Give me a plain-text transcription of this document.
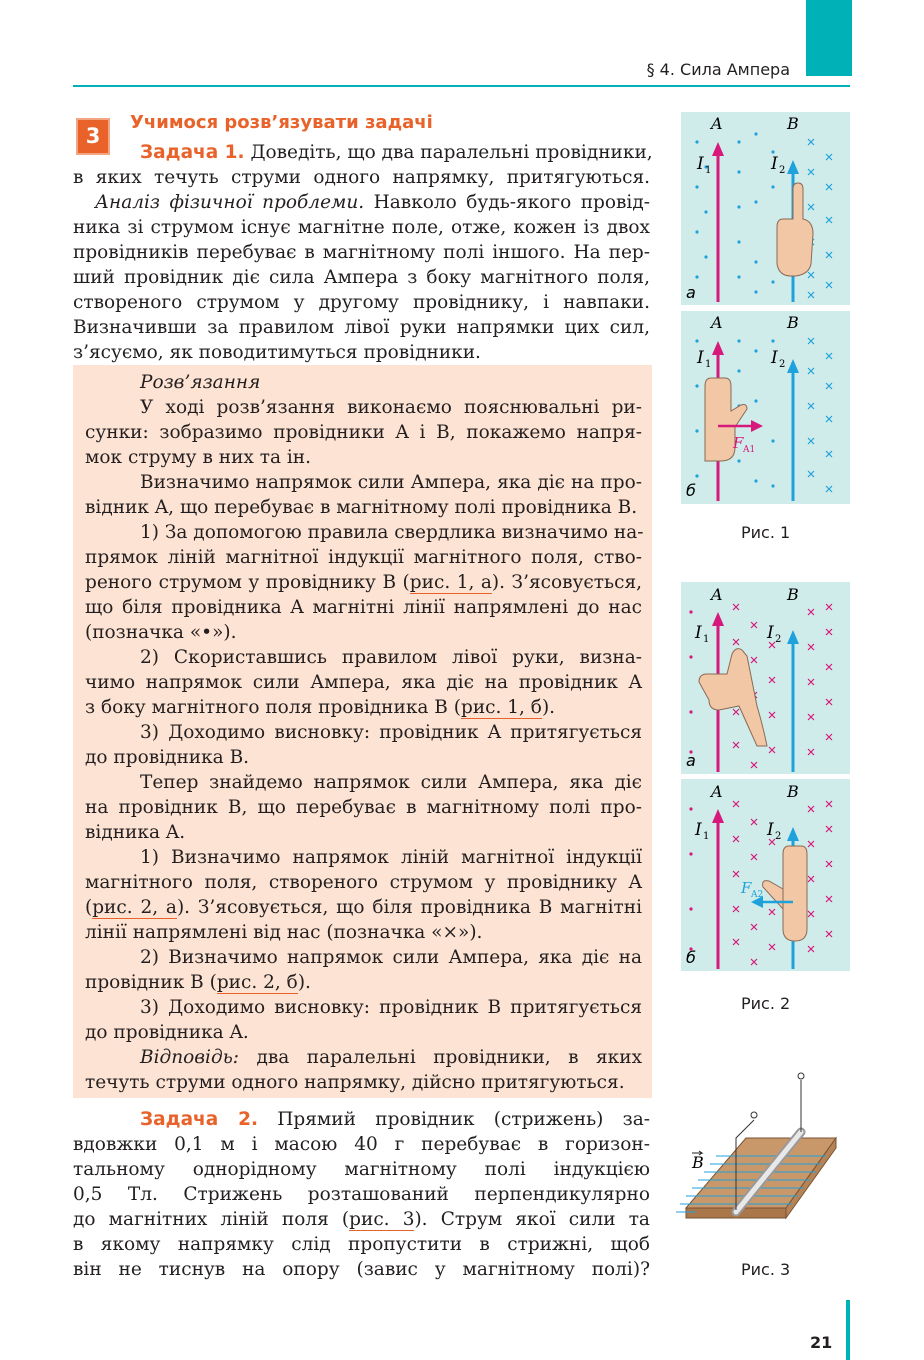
§ 4. Сила Ампера
3
Учимося розв’язувати задачі
Задача 1. Доведіть, що два паралельні провідники,
в яких течуть струми одного напрямку, притягуються.
Аналіз фізичної проблеми. Навколо будь-якого провід-
ника зі струмом існує магнітне поле, отже, кожен із двох
провідників перебуває в магнітному полі іншого. На пер-
ший провідник діє сила Ампера з боку магнітного поля,
створеного струмом у другому провіднику, і навпаки.
Визначивши за правилом лівої руки напрямки цих сил,
з’ясуємо, як поводитимуться провідники.
Розв’язання
У ході розв’язання виконаємо пояснювальні ри-
сунки: зобразимо провідники A і B, покажемо напря-
мок струму в них та ін.
Визначимо напрямок сили Ампера, яка діє на про-
відник A, що перебуває в магнітному полі провідника B.
1) За допомогою правила свердлика визначимо на-
прямок ліній магнітної індукції магнітного поля, ство-
реного струмом у провіднику B (рис. 1, а). З’ясовується,
що біля провідника A магнітні лінії напрямлені до нас
(позначка «•»).
2) Скориставшись правилом лівої руки, визна-
чимо напрямок сили Ампера, яка діє на провідник A
з боку магнітного поля провідника B (рис. 1, б).
3) Доходимо висновку: провідник A притягується
до провідника B.
Тепер знайдемо напрямок сили Ампера, яка діє
на провідник B, що перебуває в магнітному полі про-
відника A.
1) Визначимо напрямок ліній магнітної індукції
магнітного поля, створеного струмом у провіднику A
(рис. 2, а). З’ясовується, що біля провідника B магнітні
лінії напрямлені від нас (позначка «×»).
2) Визначимо напрямок сили Ампера, яка діє на
провідник B (рис. 2, б).
3) Доходимо висновку: провідник B притягується
до провідника A.
Відповідь: два паралельні провідники, в яких
течуть струми одного напрямку, дійсно притягуються.
Задача 2. Прямий провідник (стрижень) за-
вдовжки 0,1 м і масою 40 г перебуває в горизон-
тальному однорідному магнітному полі індукцією
0,5 Тл. Стрижень розташований перпендикулярно
до магнітних ліній поля (рис. 3). Струм якої сили та
в якому напрямку слід пропустити в стрижні, щоб
він не тиснув на опору (завис у магнітному полі)?
A	B
I 1	I 2
а
F A1
A	B
I 1	I 2
б
Рис. 1
A	B
I 1	I 2
а
F A2
A	B
I 1	I 2
б
Рис. 2
B
Рис. 3
21
